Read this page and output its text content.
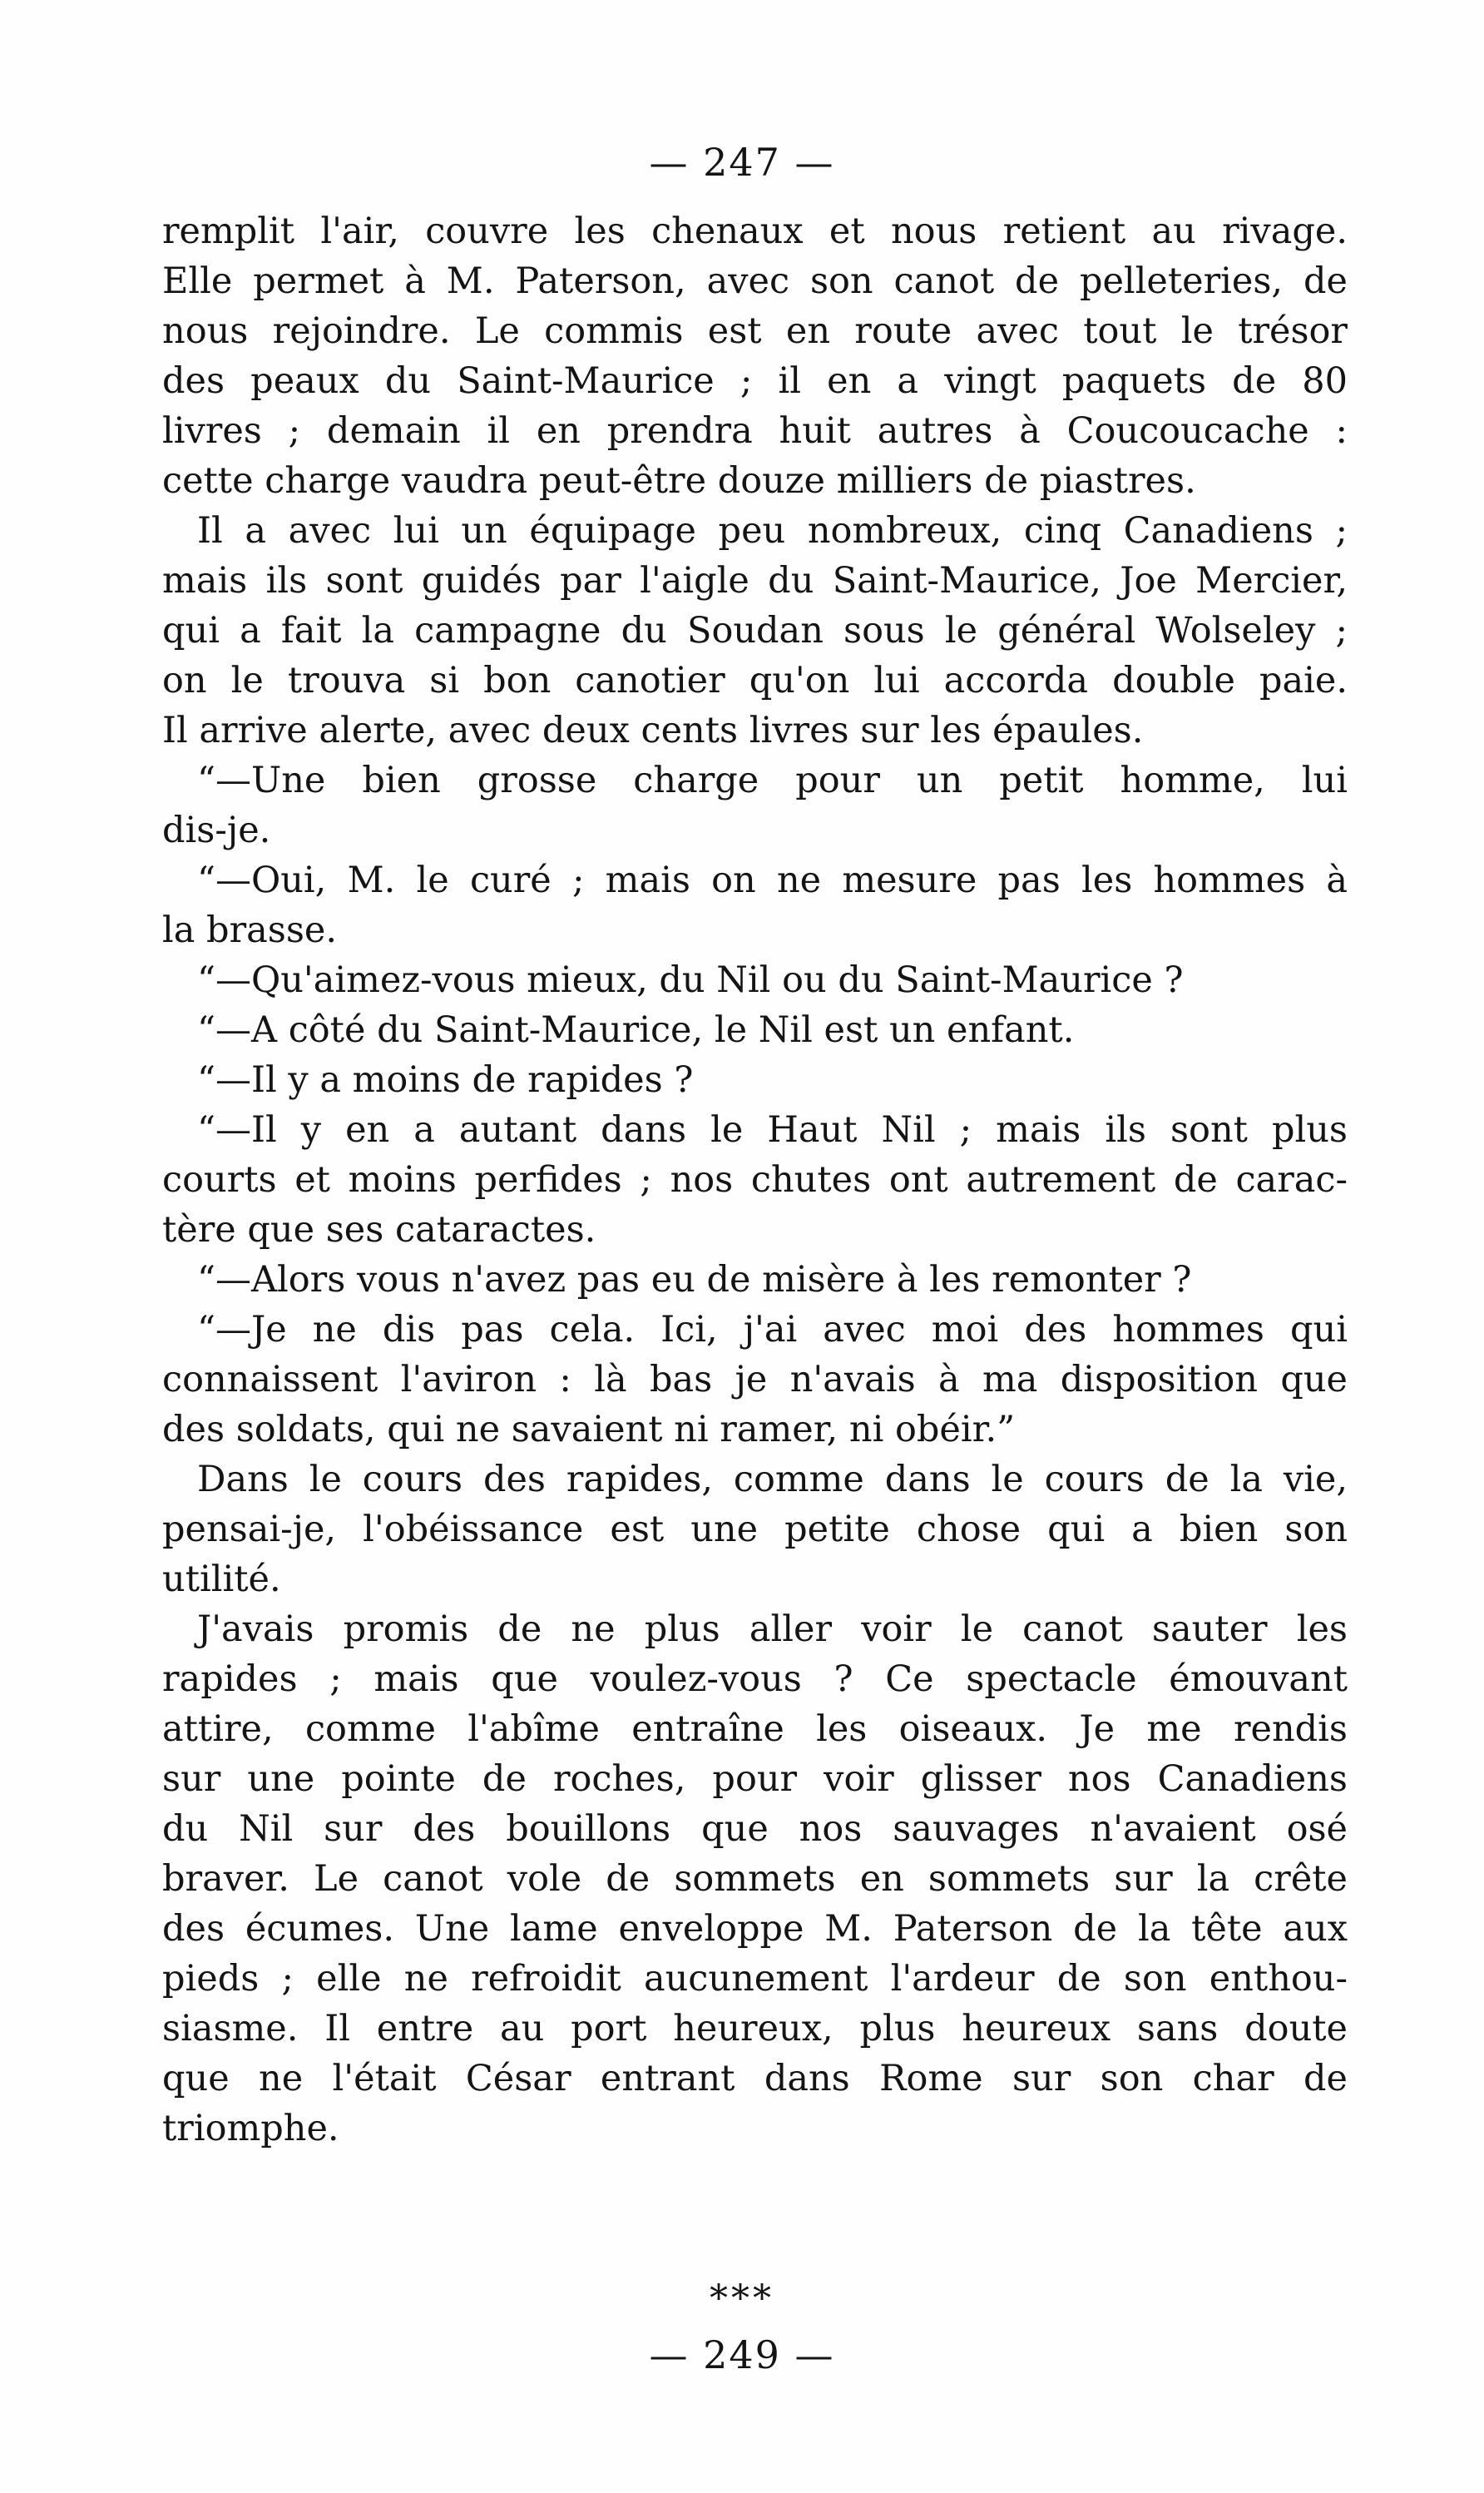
— 247 —
remplit l'air, couvre les chenaux et nous retient au rivage.
Elle permet à M. Paterson, avec son canot de pelleteries, de
nous rejoindre. Le commis est en route avec tout le trésor
des peaux du Saint-Maurice ; il en a vingt paquets de 80
livres ; demain il en prendra huit autres à Coucoucache :
cette charge vaudra peut-être douze milliers de piastres.
Il a avec lui un équipage peu nombreux, cinq Canadiens ;
mais ils sont guidés par l'aigle du Saint-Maurice, Joe Mercier,
qui a fait la campagne du Soudan sous le général Wolseley ;
on le trouva si bon canotier qu'on lui accorda double paie.
Il arrive alerte, avec deux cents livres sur les épaules.
“—Une bien grosse charge pour un petit homme, lui
dis-je.
“—Oui, M. le curé ; mais on ne mesure pas les hommes à
la brasse.
“—Qu'aimez-vous mieux, du Nil ou du Saint-Maurice ?
“—A côté du Saint-Maurice, le Nil est un enfant.
“—Il y a moins de rapides ?
“—Il y en a autant dans le Haut Nil ; mais ils sont plus
courts et moins perfides ; nos chutes ont autrement de carac-
tère que ses cataractes.
“—Alors vous n'avez pas eu de misère à les remonter ?
“—Je ne dis pas cela. Ici, j'ai avec moi des hommes qui
connaissent l'aviron : là bas je n'avais à ma disposition que
des soldats, qui ne savaient ni ramer, ni obéir.”
Dans le cours des rapides, comme dans le cours de la vie,
pensai-je, l'obéissance est une petite chose qui a bien son
utilité.
J'avais promis de ne plus aller voir le canot sauter les
rapides ; mais que voulez-vous ? Ce spectacle émouvant
attire, comme l'abîme entraîne les oiseaux. Je me rendis
sur une pointe de roches, pour voir glisser nos Canadiens
du Nil sur des bouillons que nos sauvages n'avaient osé
braver. Le canot vole de sommets en sommets sur la crête
des écumes. Une lame enveloppe M. Paterson de la tête aux
pieds ; elle ne refroidit aucunement l'ardeur de son enthou-
siasme. Il entre au port heureux, plus heureux sans doute
que ne l'était César entrant dans Rome sur son char de
triomphe.
***
— 249 —
